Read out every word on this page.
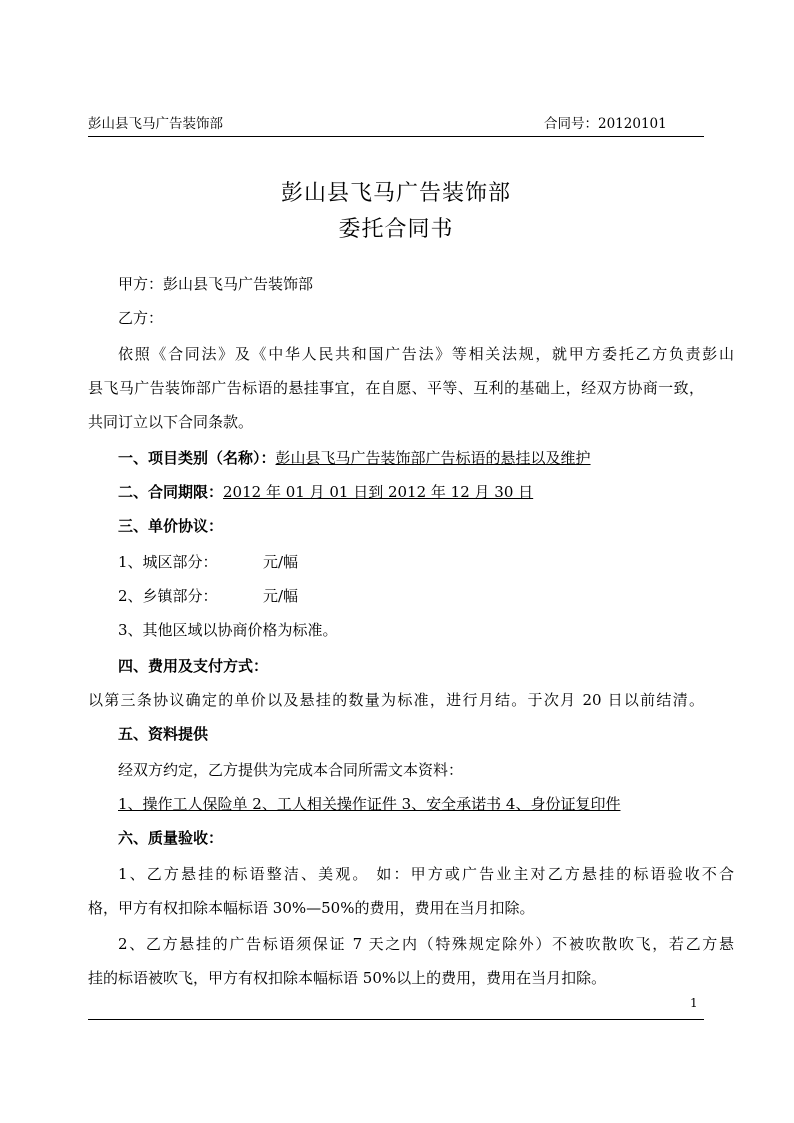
彭山县飞马广告装饰部	合同号：20120101
彭山县飞马广告装饰部
委托合同书
甲方：彭山县飞马广告装饰部
乙方：
依照《合同法》及《中华人民共和国广告法》等相关法规，就甲方委托乙方负责彭山
县飞马广告装饰部广告标语的悬挂事宜，在自愿、平等、互利的基础上，经双方协商一致，
共同订立以下合同条款。
一、项目类别（名称）：彭山县飞马广告装饰部广告标语的悬挂以及维护
二、合同期限：2012 年 01 月 01 日到 2012 年 12 月 30 日
三、单价协议：
1、城区部分：	元/幅
2、乡镇部分：	元/幅
3、其他区域以协商价格为标准。
四、费用及支付方式：
以第三条协议确定的单价以及悬挂的数量为标准，进行月结。于次月 20 日以前结清。
五、资料提供
经双方约定，乙方提供为完成本合同所需文本资料：
1、操作工人保险单 2、工人相关操作证件 3、安全承诺书 4、身份证复印件
六、质量验收：
1、乙方悬挂的标语整洁、美观。 如：甲方或广告业主对乙方悬挂的标语验收不合
格，甲方有权扣除本幅标语 30%—50%的费用，费用在当月扣除。
2、乙方悬挂的广告标语须保证 7 天之内（特殊规定除外）不被吹散吹飞，若乙方悬
挂的标语被吹飞，甲方有权扣除本幅标语 50%以上的费用，费用在当月扣除。
1
